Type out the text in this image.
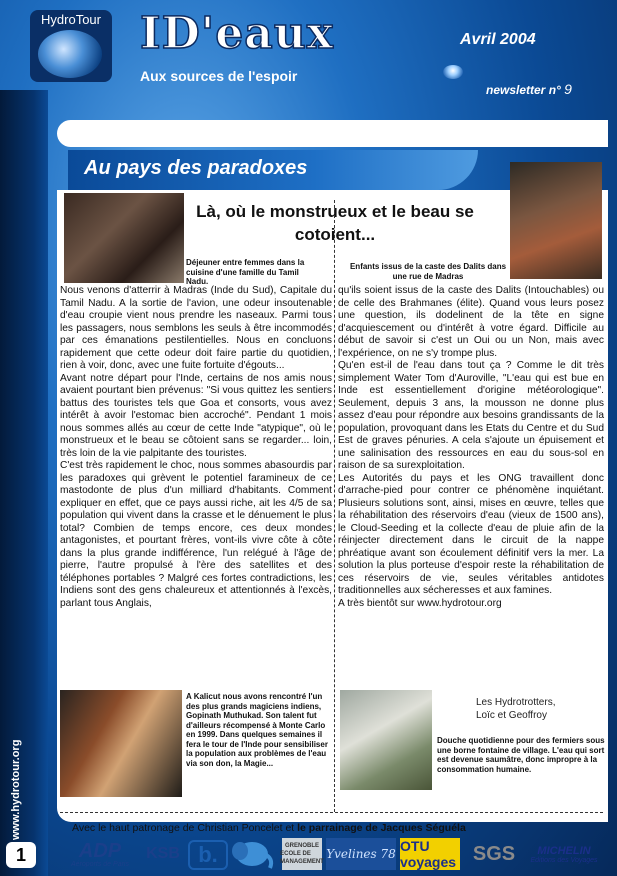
HydroTour ID'eaux
Aux sources de l'espoir
Avril 2004
newsletter n° 9
Au pays des paradoxes
Là, où le monstrueux et le beau se cotoient...
Déjeuner entre femmes dans la cuisine d'une famille du Tamil Nadu.
Enfants issus de la caste des Dalits dans une rue de Madras

Nous venons d'atterrir à Madras (Inde du Sud), Capitale du Tamil Nadu. A la sortie de l'avion, une odeur insoutenable d'eau croupie vient nous prendre les naseaux. Parmi tous les passagers, nous semblons les seuls à être incommodés par ces émanations pestilentielles. Nous en concluons rapidement que cette odeur doit faire partie du quotidien, rien à voir, donc, avec une fuite fortuite d'égouts...

Avant notre départ pour l'Inde, certains de nos amis nous avaient pourtant bien prévenus: "Si vous quittez les sentiers battus des touristes tels que Goa et consorts, vous avez intérêt à avoir l'estomac bien accroché". Pendant 1 mois nous sommes allés au cœur de cette Inde "atypique", où le monstrueux et le beau se côtoient sans se regarder... loin, très loin de la vie palpitante des touristes.

C'est très rapidement le choc, nous sommes abasourdis par les paradoxes qui grèvent le potentiel faramineux de ce mastodonte de plus d'un milliard d'habitants. Comment expliquer en effet, que ce pays aussi riche, ait les 4/5 de sa population qui vivent dans la crasse et le dénuement le plus total? Combien de temps encore, ces deux mondes antagonistes, et pourtant frères, vont-ils vivre côte à côte dans la plus grande indifférence, l'un relégué à l'âge de pierre, l'autre propulsé à l'ère des satellites et des téléphones portables ? Malgré ces fortes contradictions, les Indiens sont des gens chaleureux et attentionnés à l'excès, parlant tous Anglais,

qu'ils soient issus de la caste des Dalits (Intouchables) ou de celle des Brahmanes (élite). Quand vous leurs posez une question, ils dodelinent de la tête en signe d'acquiescement ou d'intérêt à votre égard. Difficile au début de savoir si c'est un Oui ou un Non, mais avec l'expérience, on ne s'y trompe plus.

Qu'en est-il de l'eau dans tout ça ? Comme le dit très simplement Water Tom d'Auroville, "L'eau qui est bue en Inde est essentiellement d'origine météorologique". Seulement, depuis 3 ans, la mousson ne donne plus assez d'eau pour répondre aux besoins grandissants de la population, provoquant dans les Etats du Centre et du Sud Est de graves pénuries. A cela s'ajoute un épuisement et une salinisation des ressources en eau du sous-sol en raison de sa surexploitation.

Les Autorités du pays et les ONG travaillent donc d'arrache-pied pour contrer ce phénomène inquiétant. Plusieurs solutions sont, ainsi, mises en œuvre, telles que la réhabilitation des réservoirs d'eau (vieux de 1500 ans), le Cloud-Seeding et la collecte d'eau de pluie afin de la réinjecter directement dans le circuit de la nappe phréatique avant son écoulement définitif vers la mer. La solution la plus porteuse d'espoir reste la réhabilitation de ces réservoirs de vie, seules véritables antidotes traditionnelles aux sécheresses et aux famines.

A très bientôt sur www.hydrotour.org

A Kalicut nous avons rencontré l'un des plus grands magiciens indiens, Gopinath Muthukad. Son talent fut d'ailleurs récompensé à Monte Carlo en 1999. Dans quelques semaines il fera le tour de l'Inde pour sensibiliser la population aux problèmes de l'eau via son don, la Magie...
Les Hydrotrotters,
Loïc et Geoffroy
Douche quotidienne pour des fermiers sous une borne fontaine de village. L'eau qui sort est devenue saumâtre, donc impropre à la consommation humaine.
Avec le haut patronage de Christian Poncelet et le parrainage de Jacques Séguéla
ADP
Aéroports de Paris
KSB b.	GRENOBLE
ECOLE DE MANAGEMENT
Yvelines 78 OTU voyages SGS MICHELIN
Editions des Voyages
www.hydrotour.org
1
